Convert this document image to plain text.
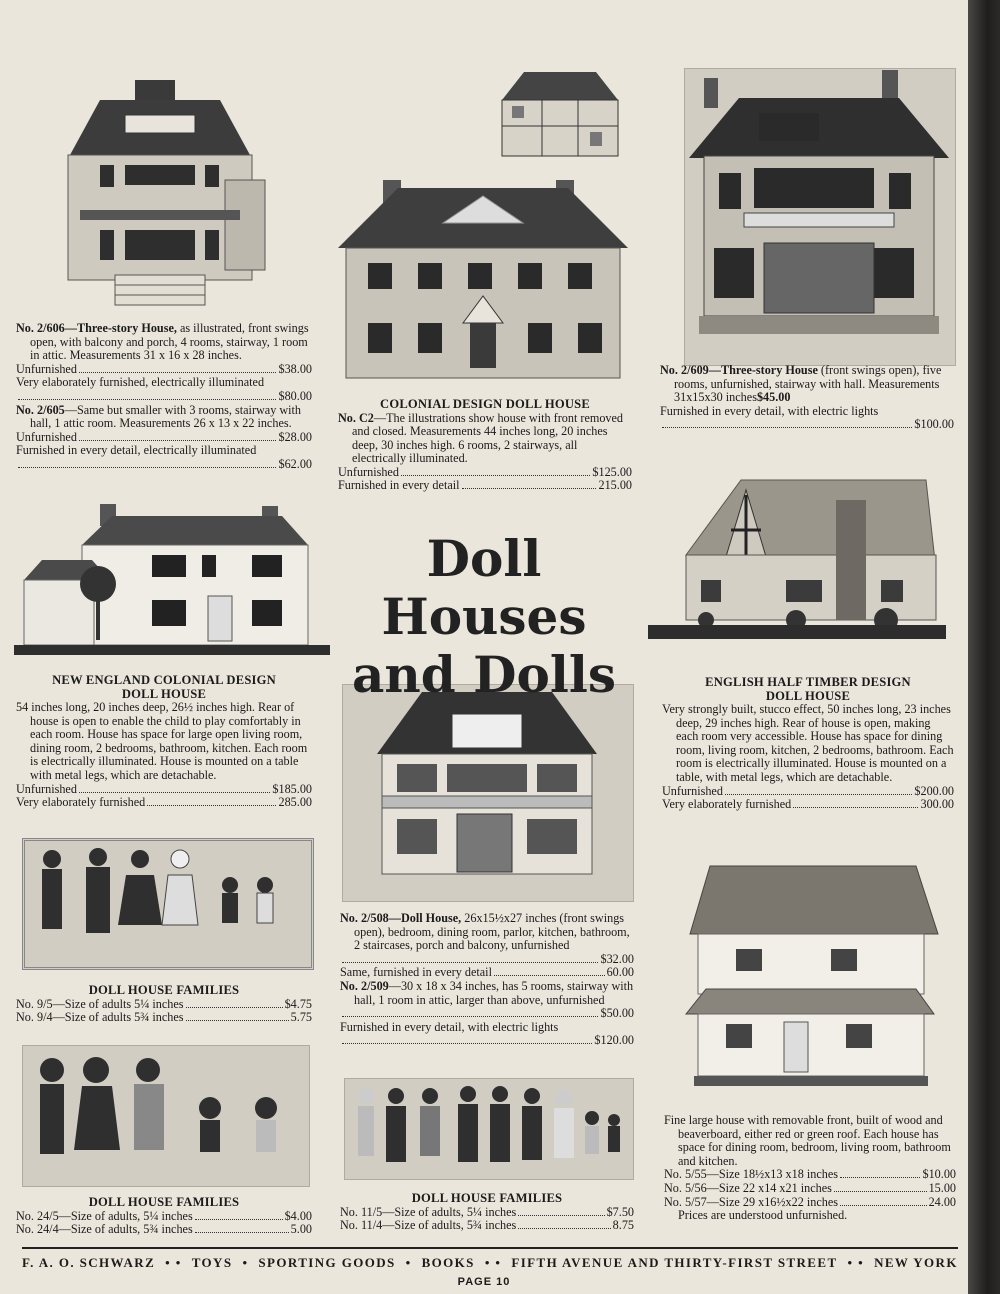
No. 2/606—Three-story House, as illustrated, front swings open, with balcony and porch, 4 rooms, stairway, 1 room in attic. Measurements 31 x 16 x 28 inches.

Unfurnished	$38.00

Very elaborately furnished, electrically illuminated

$80.00

No. 2/605—Same but smaller with 3 rooms, stairway with hall, 1 attic room. Measurements 26 x 13 x 22 inches.

Unfurnished	$28.00

Furnished in every detail, electrically illuminated

$62.00

COLONIAL DESIGN DOLL HOUSE

No. C2—The illustrations show house with front removed and closed. Measurements 44 inches long, 20 inches deep, 30 inches high. 6 rooms, 2 stairways, all electrically illuminated.

Unfurnished	$125.00
Furnished in every detail	215.00

No. 2/609—Three-story House (front swings open), five rooms, unfurnished, stairway with hall. Measurements 31x15x30 inches$45.00

Furnished in every detail, with electric lights

$100.00
Doll Houses
and Dolls

NEW ENGLAND COLONIAL DESIGN

DOLL HOUSE

54 inches long, 20 inches deep, 26½ inches high. Rear of house is open to enable the child to play comfortably in each room. House has space for large open living room, dining room, 2 bedrooms, bathroom, kitchen. Each room is electrically illuminated. House is mounted on a table with metal legs, which are detachable.

Unfurnished	$185.00
Very elaborately furnished	285.00

ENGLISH HALF TIMBER DESIGN

DOLL HOUSE

Very strongly built, stucco effect, 50 inches long, 23 inches deep, 29 inches high. Rear of house is open, making each room very accessible. House has space for dining room, living room, kitchen, 2 bedrooms, bathroom. Each room is electrically illuminated. House is mounted on a table, with metal legs, which are detachable.

Unfurnished	$200.00
Very elaborately furnished	300.00

No. 2/508—Doll House, 26x15½x27 inches (front swings open), bedroom, dining room, parlor, kitchen, bathroom, 2 staircases, porch and balcony, unfurnished

$32.00
Same, furnished in every detail	60.00

No. 2/509—30 x 18 x 34 inches, has 5 rooms, stairway with hall, 1 room in attic, larger than above, unfurnished

$50.00

Furnished in every detail, with electric lights

$120.00

DOLL HOUSE FAMILIES

No. 9/5—Size of adults 5¼ inches	$4.75
No. 9/4—Size of adults 5¾ inches	5.75

DOLL HOUSE FAMILIES

No. 24/5—Size of adults, 5¼ inches	$4.00
No. 24/4—Size of adults, 5¾ inches	5.00

DOLL HOUSE FAMILIES

No. 11/5—Size of adults, 5¼ inches	$7.50
No. 11/4—Size of adults, 5¾ inches	8.75

Fine large house with removable front, built of wood and beaverboard, either red or green roof. Each house has space for dining room, bedroom, living room, bathroom and kitchen.

No. 5/55—Size 18½x13 x18 inches	$10.00
No. 5/56—Size 22 x14 x21 inches	15.00
No. 5/57—Size 29 x16½x22 inches	24.00

Prices are understood unfurnished.

F. A. O. SCHWARZ • • TOYS • SPORTING GOODS • BOOKS • • FIFTH AVENUE AND THIRTY-FIRST STREET • • NEW YORK
PAGE 10
